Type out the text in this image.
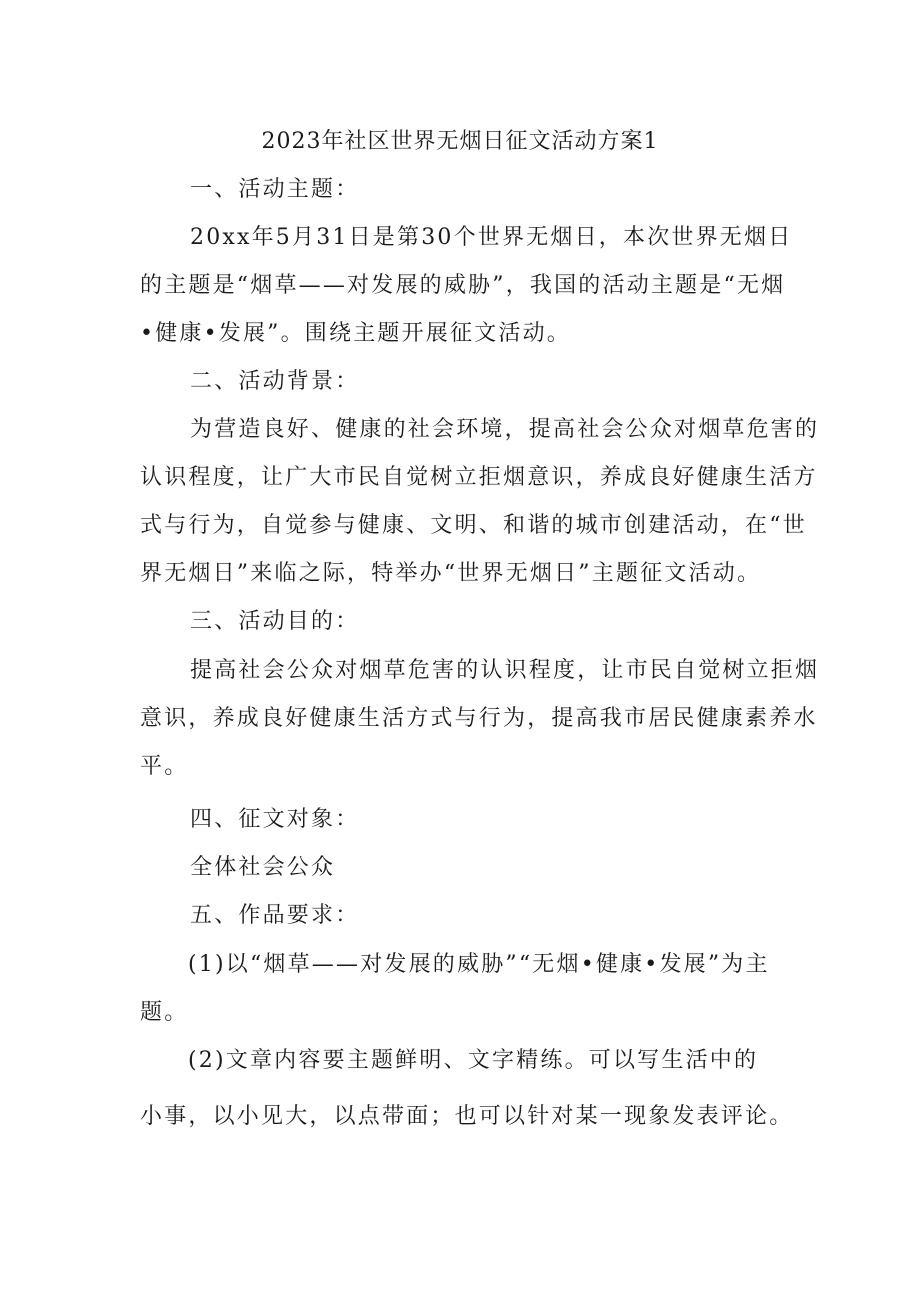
2023年社区世界无烟日征文活动方案1
一、活动主题：
20xx年5月31日是第30个世界无烟日，本次世界无烟日
的主题是“烟草——对发展的威胁”，我国的活动主题是“无烟
•健康•发展”。围绕主题开展征文活动。
二、活动背景：
为营造良好、健康的社会环境，提高社会公众对烟草危害的
认识程度，让广大市民自觉树立拒烟意识，养成良好健康生活方
式与行为，自觉参与健康、文明、和谐的城市创建活动，在“世
界无烟日”来临之际，特举办“世界无烟日”主题征文活动。
三、活动目的：
提高社会公众对烟草危害的认识程度，让市民自觉树立拒烟
意识，养成良好健康生活方式与行为，提高我市居民健康素养水
平。
四、征文对象：
全体社会公众
五、作品要求：
(1)以“烟草——对发展的威胁”“无烟•健康•发展”为主
题。
(2)文章内容要主题鲜明、文字精练。可以写生活中的
小事，以小见大，以点带面；也可以针对某一现象发表评论。
